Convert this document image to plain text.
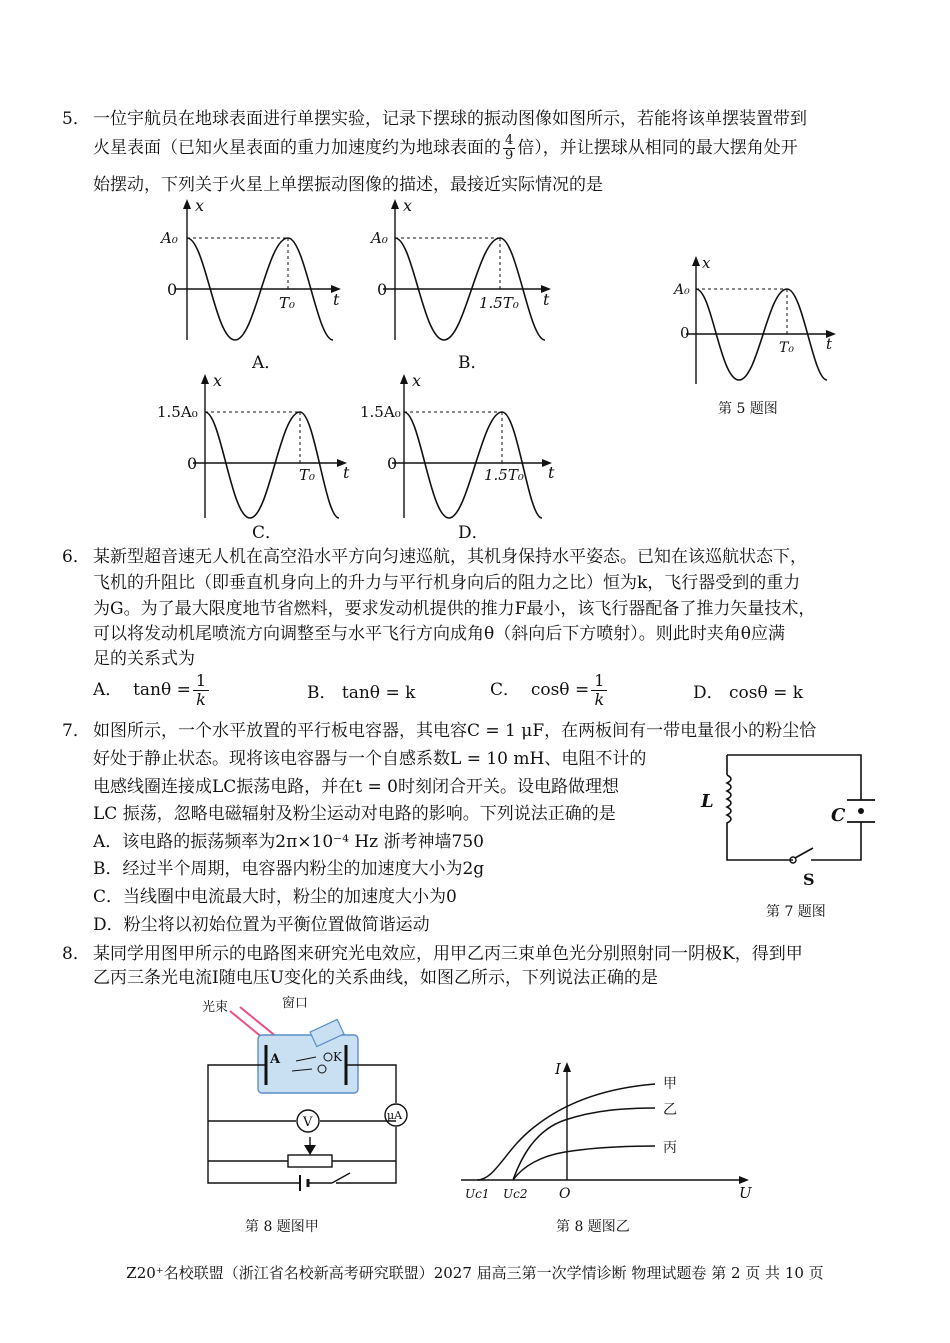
5． 一位宇航员在地球表面进行单摆实验，记录下摆球的振动图像如图所示，若能将该单摆装置带到
火星表面（已知火星表面的重力加速度约为地球表面的 $\frac{4}{9}$ 倍），并让摆球从相同的最大摆角处开
始摆动，下列关于火星上单摆振动图像的描述，最接近实际情况的是
x
t
0
A₀
T₀
A．
x
t
0
A₀
1.5T₀
B．
x
t
0
A₀
T₀
第 5 题图
x
t
0
1.5A₀
T₀
C．
x
t
0
1.5A₀
1.5T₀
D．
6． 某新型超音速无人机在高空沿水平方向匀速巡航，其机身保持水平姿态。已知在该巡航状态下，
飞机的升阻比（即垂直机身向上的升力与平行机身向后的阻力之比）恒为k，飞行器受到的重力
为G。为了最大限度地节省燃料，要求发动机提供的推力F最小，该飞行器配备了推力矢量技术，
可以将发动机尾喷流方向调整至与水平飞行方向成角θ（斜向后下方喷射）。则此时夹角θ应满
足的关系式为
A． $\tan\theta = \frac{1}{k}$	B． tanθ = k	C． $\cos\theta = \frac{1}{k}$	D． cosθ = k
7． 如图所示，一个水平放置的平行板电容器，其电容C = 1 μF，在两板间有一带电量很小的粉尘恰
好处于静止状态。现将该电容器与一个自感系数L = 10 mH、电阻不计的
电感线圈连接成LC振荡电路，并在t = 0时刻闭合开关。设电路做理想
LC 振荡，忽略电磁辐射及粉尘运动对电路的影响。下列说法正确的是
A．该电路的振荡频率为2π×10⁻⁴ Hz 浙考神墙750
B．经过半个周期，电容器内粉尘的加速度大小为2g
C．当线圈中电流最大时，粉尘的加速度大小为0
D．粉尘将以初始位置为平衡位置做简谐运动
L
C
S
第 7 题图
8． 某同学用图甲所示的电路图来研究光电效应，用甲乙丙三束单色光分别照射同一阴极K，得到甲
乙丙三条光电流I随电压U变化的关系曲线，如图乙所示，下列说法正确的是
A	K
μA
V
光束	窗口
第 8 题图甲
I
U
O
Uc1 Uc2
甲
乙
丙
第 8 题图乙
Z20⁺名校联盟（浙江省名校新高考研究联盟）2027 届高三第一次学情诊断 物理试题卷 第 2 页 共 10 页
